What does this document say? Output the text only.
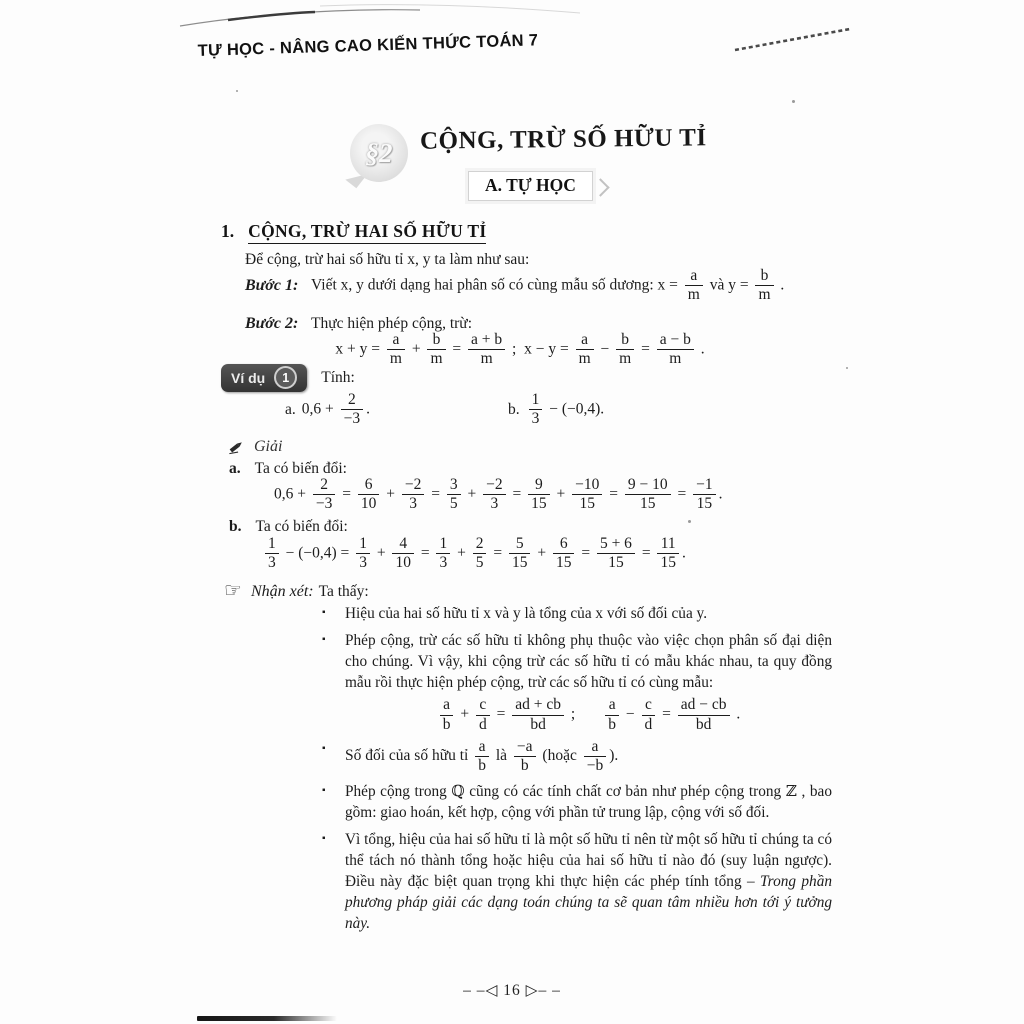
TỰ HỌC - NÂNG CAO KIẾN THỨC TOÁN 7
§2 CỘNG, TRỪ SỐ HỮU TỈ
A. TỰ HỌC
1. CỘNG, TRỪ HAI SỐ HỮU TỈ

Để cộng, trừ hai số hữu tỉ x, y ta làm như sau:

Bước 1: Viết x, y dưới dạng hai phân số có cùng mẫu số dương: $x = \frac{a}{m}$ và $y = \frac{b}{m}$ .
Bước 2: Thực hiện phép cộng, trừ:
$x + y = \frac{a}{m} + \frac{b}{m} = \frac{a + b}{m}$ ;  $x - y = \frac{a}{m} - \frac{b}{m} = \frac{a - b}{m}$ .
Ví dụ	1	Tính:
a. $0,6 + \frac{2}{-3}$ .	b. $\frac{1}{3} - (-0,4)$.
Giải
a. Ta có biến đổi:
$0,6 + \frac{2}{-3} = \frac{6}{10} + \frac{-2}{3} = \frac{3}{5} + \frac{-2}{3} = \frac{9}{15} + \frac{-10}{15} = \frac{9 - 10}{15} = \frac{-1}{15}$ .
b. Ta có biến đổi:
$\frac{1}{3} - (-0,4) = \frac{1}{3} + \frac{4}{10} = \frac{1}{3} + \frac{2}{5} = \frac{5}{15} + \frac{6}{15} = \frac{5 + 6}{15} = \frac{11}{15}$ .
☞ Nhận xét: Ta thấy:
▪ Hiệu của hai số hữu tỉ x và y là tổng của x với số đối của y.
▪ Phép cộng, trừ các số hữu tỉ không phụ thuộc vào việc chọn phân số đại diện cho chúng. Vì vậy, khi cộng trừ các số hữu tỉ có mẫu khác nhau, ta quy đồng mẫu rồi thực hiện phép cộng, trừ các số hữu tỉ có cùng mẫu:
$\frac{a}{b} + \frac{c}{d} = \frac{ad + cb}{bd}$ ; $\frac{a}{b} - \frac{c}{d} = \frac{ad - cb}{bd}$ .
▪ Số đối của số hữu tỉ $\frac{a}{b}$ là $\frac{-a}{b}$ (hoặc $\frac{a}{-b}$ ).
▪ Phép cộng trong ℚ cũng có các tính chất cơ bản như phép cộng trong ℤ , bao gồm: giao hoán, kết hợp, cộng với phần tử trung lập, cộng với số đối.
▪ Vì tổng, hiệu của hai số hữu tỉ là một số hữu tỉ nên từ một số hữu tỉ chúng ta có thể tách nó thành tổng hoặc hiệu của hai số hữu tỉ nào đó (suy luận ngược). Điều này đặc biệt quan trọng khi thực hiện các phép tính tổng – Trong phần phương pháp giải các dạng toán chúng ta sẽ quan tâm nhiều hơn tới ý tưởng này.
– –◁ 16 ▷– –
